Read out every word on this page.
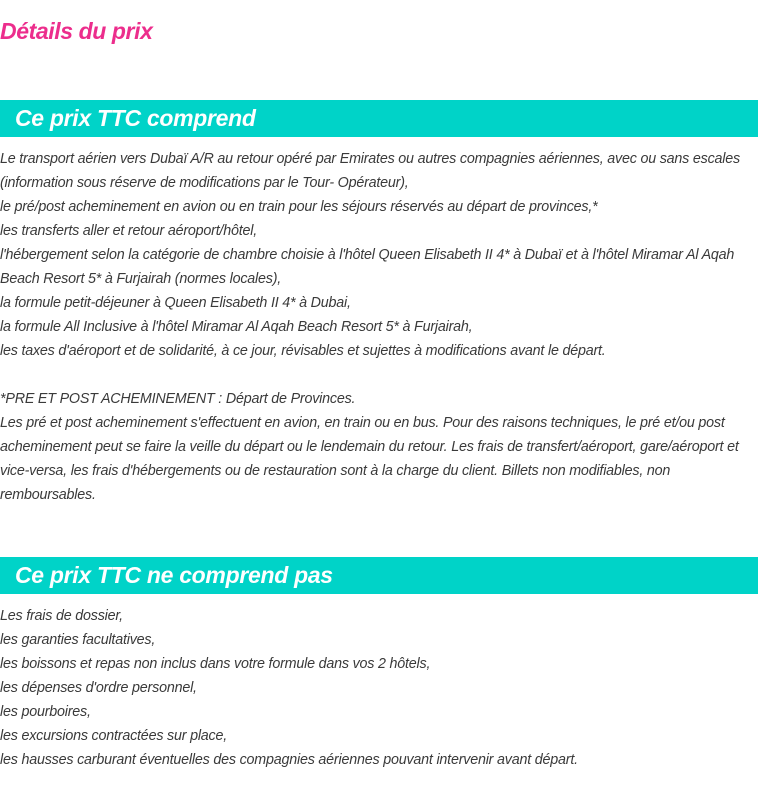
Détails du prix
Ce prix TTC comprend
Le transport aérien vers Dubaï A/R au retour opéré par Emirates ou autres compagnies aériennes, avec ou sans escales (information sous réserve de modifications par le Tour- Opérateur),
le pré/post acheminement en avion ou en train pour les séjours réservés au départ de provinces,*
les transferts aller et retour aéroport/hôtel,
l'hébergement selon la catégorie de chambre choisie à l'hôtel Queen Elisabeth II 4* à Dubaï et à l'hôtel Miramar Al Aqah Beach Resort 5* à Furjairah (normes locales),
la formule petit-déjeuner à Queen Elisabeth II 4* à Dubai,
la formule All Inclusive à l'hôtel Miramar Al Aqah Beach Resort 5* à Furjairah,
les taxes d'aéroport et de solidarité, à ce jour, révisables et sujettes à modifications avant le départ.
*PRE ET POST ACHEMINEMENT : Départ de Provinces.
Les pré et post acheminement s'effectuent en avion, en train ou en bus. Pour des raisons techniques, le pré et/ou post acheminement peut se faire la veille du départ ou le lendemain du retour. Les frais de transfert/aéroport, gare/aéroport et vice-versa, les frais d'hébergements ou de restauration sont à la charge du client. Billets non modifiables, non remboursables.
Ce prix TTC ne comprend pas
Les frais de dossier,
les garanties facultatives,
les boissons et repas non inclus dans votre formule dans vos 2 hôtels,
les dépenses d'ordre personnel,
les pourboires,
les excursions contractées sur place,
les hausses carburant éventuelles des compagnies aériennes pouvant intervenir avant départ.
